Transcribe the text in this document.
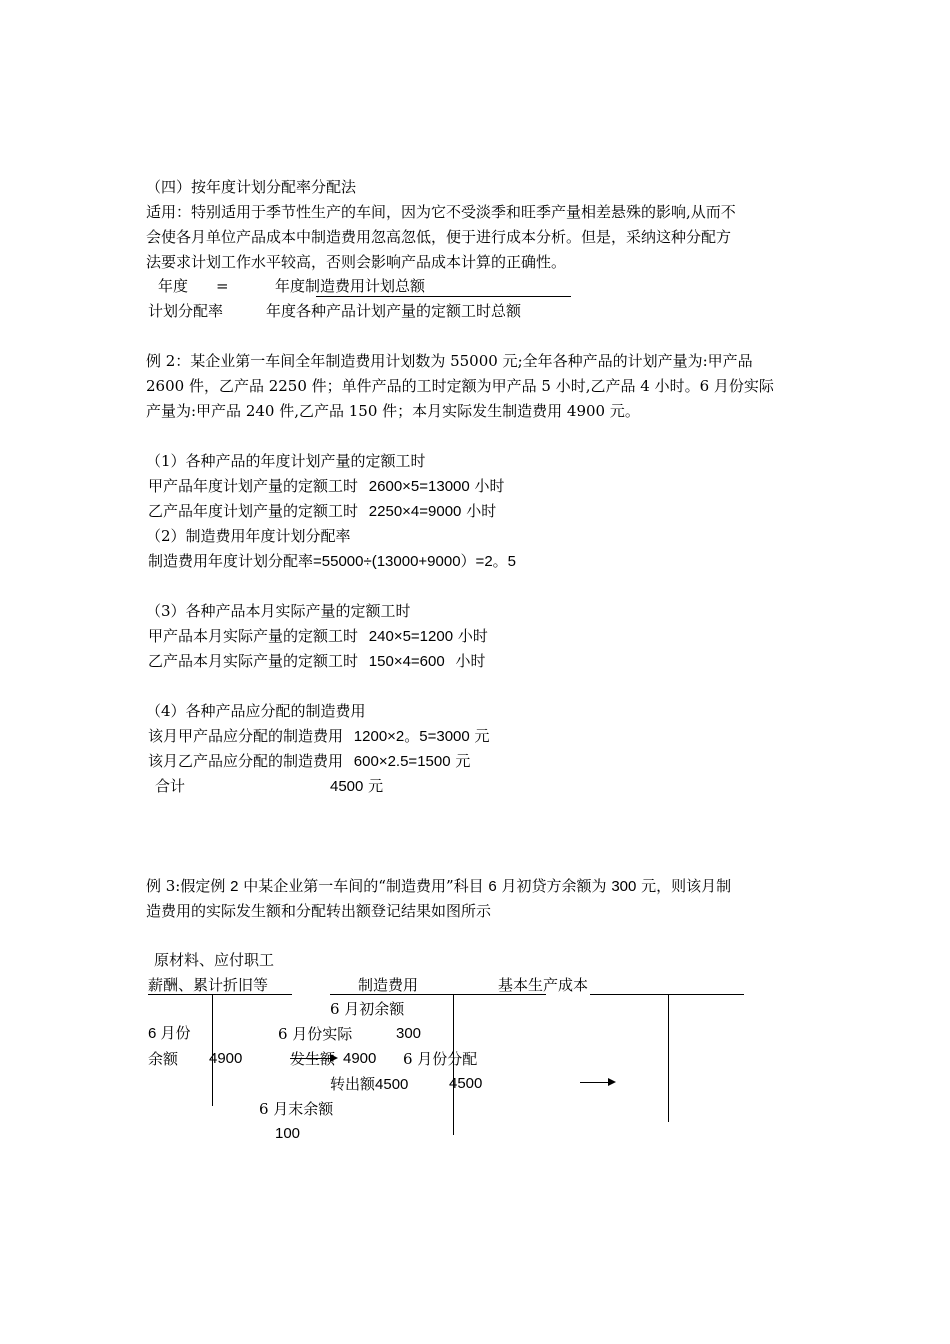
（四）按年度计划分配率分配法
适用：特别适用于季节性生产的车间，因为它不受淡季和旺季产量相差悬殊的影响,从而不
会使各月单位产品成本中制造费用忽高忽低，便于进行成本分析。但是，采纳这种分配方
法要求计划工作水平较高，否则会影响产品成本计算的正确性。
年度 =	年度制造费用计划总额
计划分配率	年度各种产品计划产量的定额工时总额
例 2：某企业第一车间全年制造费用计划数为 55000 元;全年各种产品的计划产量为:甲产品
2600 件，乙产品 2250 件；单件产品的工时定额为甲产品 5 小时,乙产品 4 小时。6 月份实际
产量为:甲产品 240 件,乙产品 150 件；本月实际发生制造费用 4900 元。
（1）各种产品的年度计划产量的定额工时
甲产品年度计划产量的定额工时 2600×5=13000 小时
乙产品年度计划产量的定额工时 2250×4=9000 小时
（2）制造费用年度计划分配率
制造费用年度计划分配率=55000÷(13000+9000）=2。5
（3）各种产品本月实际产量的定额工时
甲产品本月实际产量的定额工时 240×5=1200 小时
乙产品本月实际产量的定额工时 150×4=600 小时
（4）各种产品应分配的制造费用
该月甲产品应分配的制造费用 1200×2。5=3000 元
该月乙产品应分配的制造费用 600×2.5=1500 元
合计	4500 元
例 3:假定例 2 中某企业第一车间的“制造费用”科目 6 月初贷方余额为 300 元，则该月制
造费用的实际发生额和分配转出额登记结果如图所示
原材料、应付职工
薪酬、累计折旧等	制造费用	基本生产成本
6 月初余额
6 月份	6 月份实际	300
余额 4900	发生额 4900 6 月份分配
转出额4500	4500
6 月末余额
100
